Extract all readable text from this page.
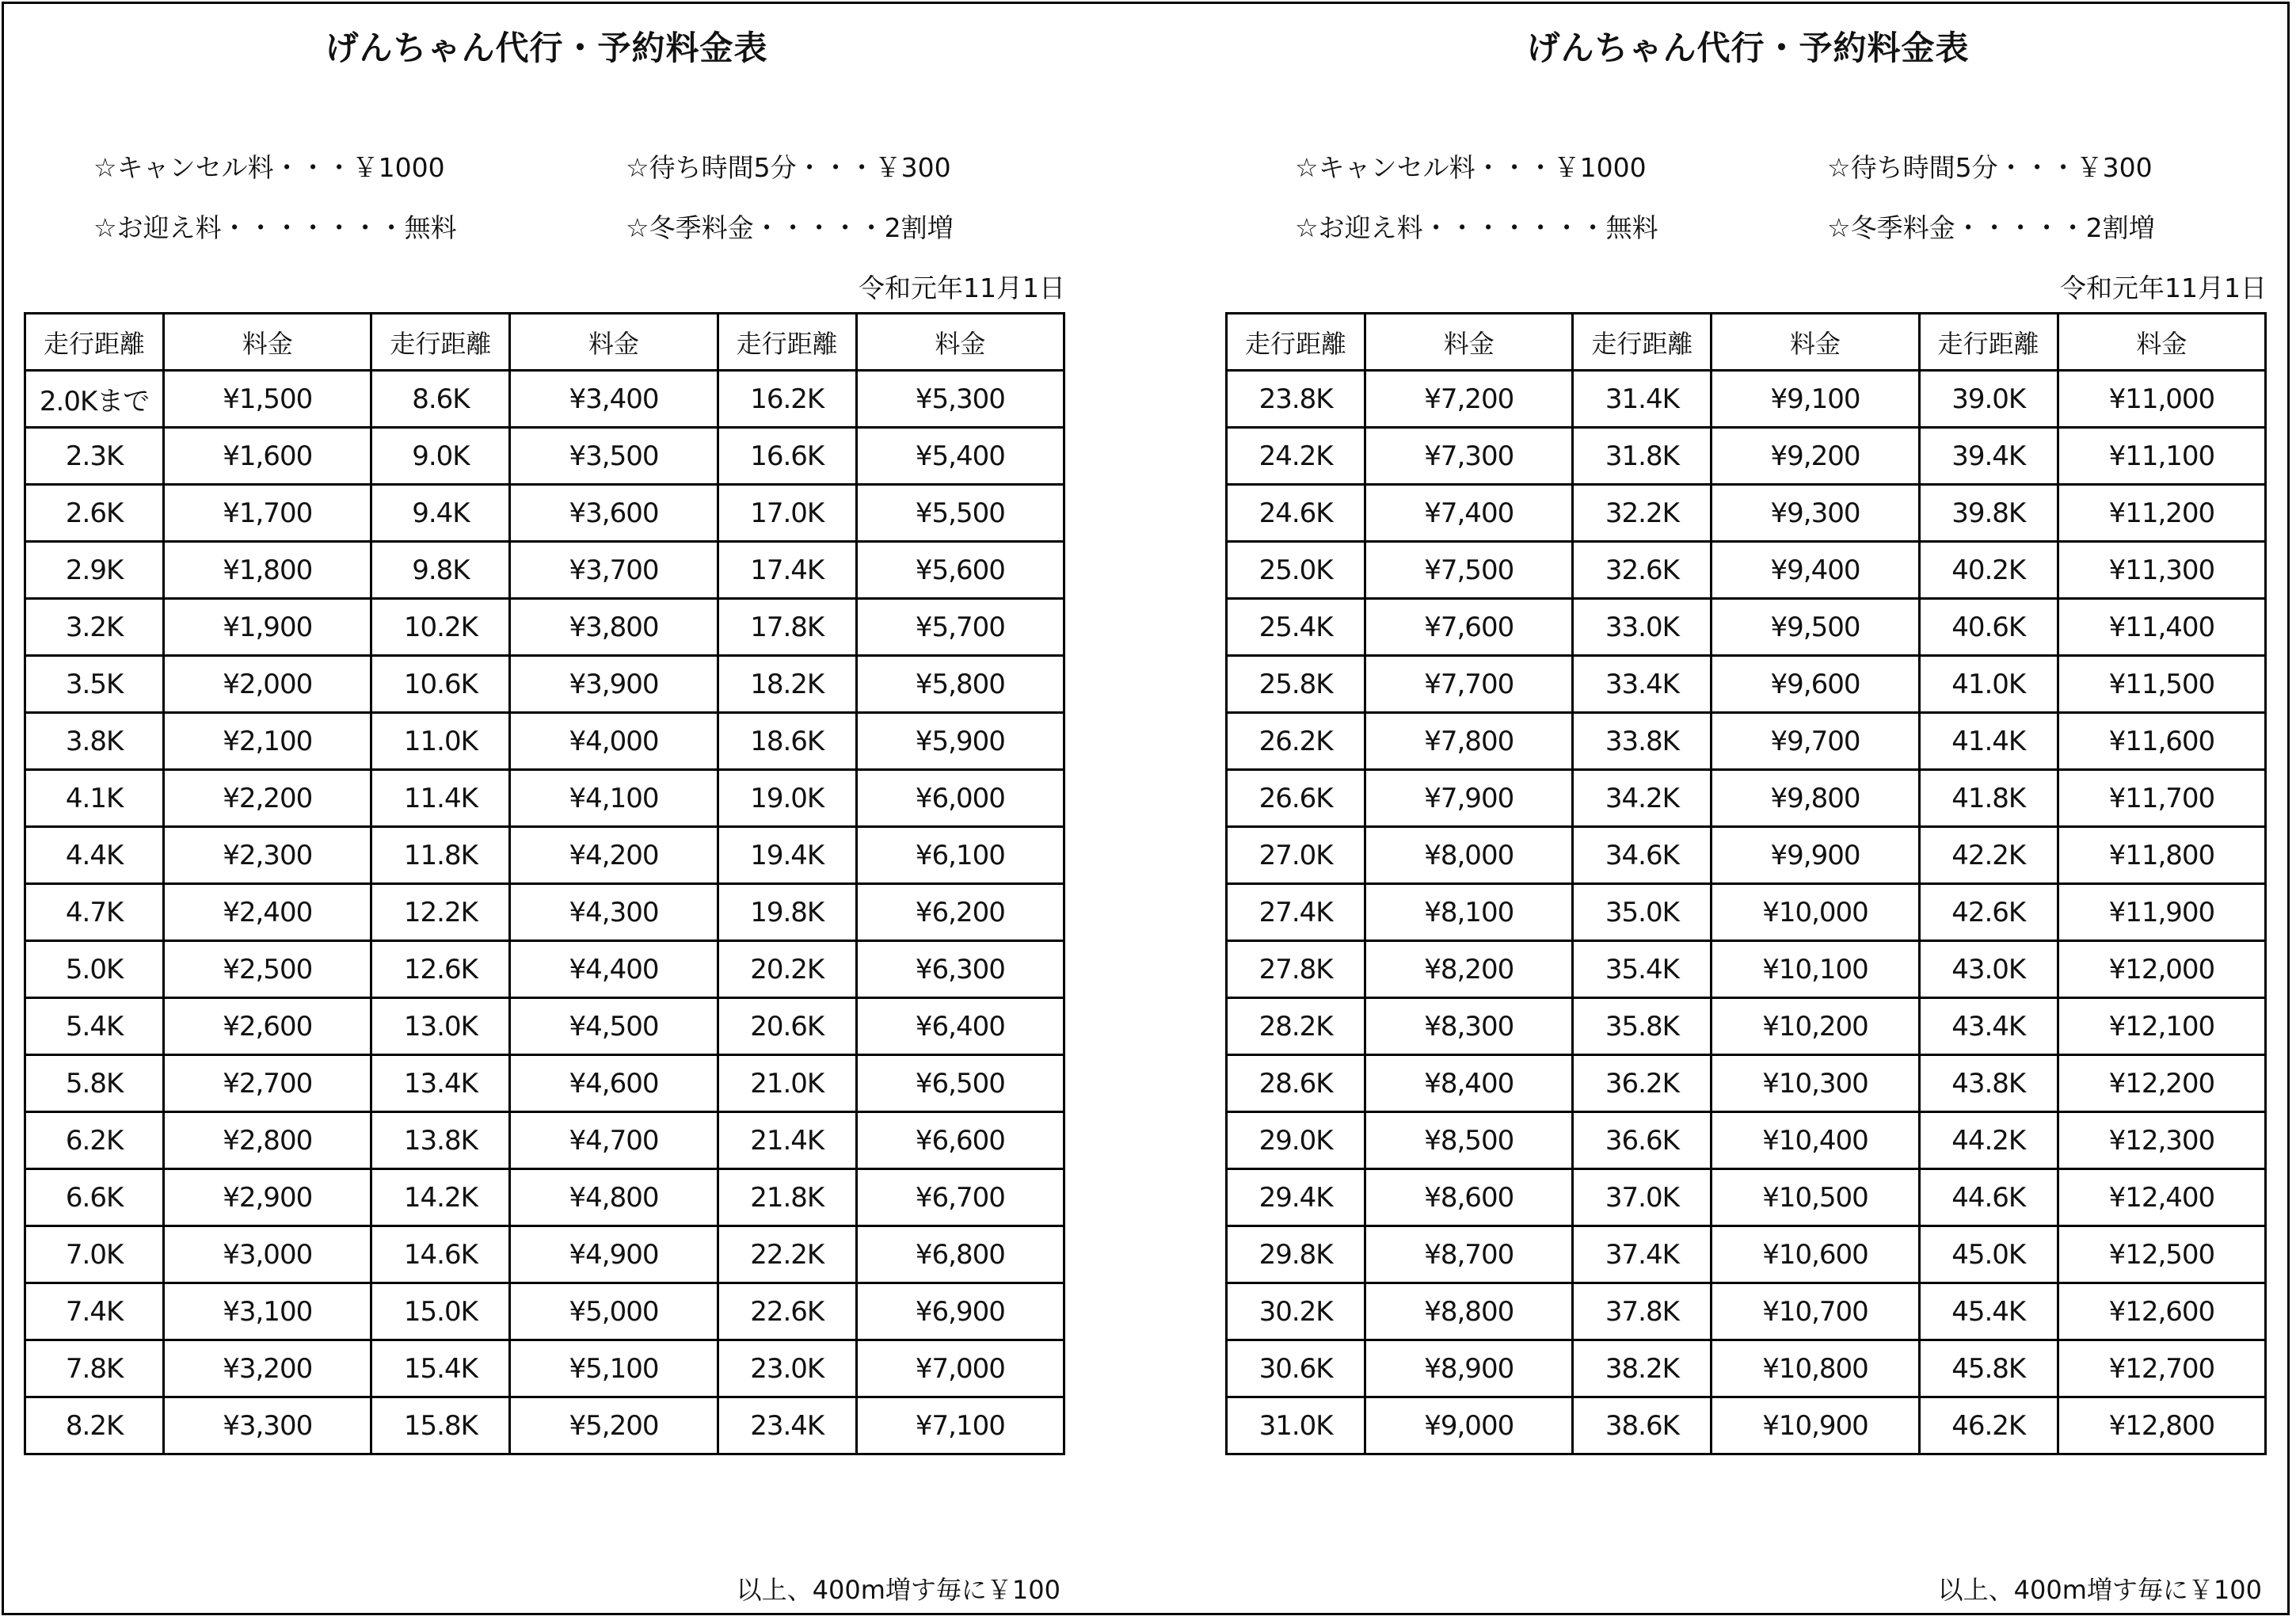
げんちゃん代行・予約料金表
☆キャンセル料・・・￥1000	☆待ち時間5分・・・￥300
☆お迎え料・・・・・・・無料	☆冬季料金・・・・・2割増
令和元年11月1日
走行距離	料金	走行距離	料金	走行距離	料金
2.0Kまで	¥1,500	8.6K	¥3,400	16.2K	¥5,300
2.3K	¥1,600	9.0K	¥3,500	16.6K	¥5,400
2.6K	¥1,700	9.4K	¥3,600	17.0K	¥5,500
2.9K	¥1,800	9.8K	¥3,700	17.4K	¥5,600
3.2K	¥1,900	10.2K	¥3,800	17.8K	¥5,700
3.5K	¥2,000	10.6K	¥3,900	18.2K	¥5,800
3.8K	¥2,100	11.0K	¥4,000	18.6K	¥5,900
4.1K	¥2,200	11.4K	¥4,100	19.0K	¥6,000
4.4K	¥2,300	11.8K	¥4,200	19.4K	¥6,100
4.7K	¥2,400	12.2K	¥4,300	19.8K	¥6,200
5.0K	¥2,500	12.6K	¥4,400	20.2K	¥6,300
5.4K	¥2,600	13.0K	¥4,500	20.6K	¥6,400
5.8K	¥2,700	13.4K	¥4,600	21.0K	¥6,500
6.2K	¥2,800	13.8K	¥4,700	21.4K	¥6,600
6.6K	¥2,900	14.2K	¥4,800	21.8K	¥6,700
7.0K	¥3,000	14.6K	¥4,900	22.2K	¥6,800
7.4K	¥3,100	15.0K	¥5,000	22.6K	¥6,900
7.8K	¥3,200	15.4K	¥5,100	23.0K	¥7,000
8.2K	¥3,300	15.8K	¥5,200	23.4K	¥7,100
以上、400m増す毎に￥100
げんちゃん代行・予約料金表
☆キャンセル料・・・￥1000	☆待ち時間5分・・・￥300
☆お迎え料・・・・・・・無料	☆冬季料金・・・・・2割増
令和元年11月1日
走行距離	料金	走行距離	料金	走行距離	料金
23.8K	¥7,200	31.4K	¥9,100	39.0K	¥11,000
24.2K	¥7,300	31.8K	¥9,200	39.4K	¥11,100
24.6K	¥7,400	32.2K	¥9,300	39.8K	¥11,200
25.0K	¥7,500	32.6K	¥9,400	40.2K	¥11,300
25.4K	¥7,600	33.0K	¥9,500	40.6K	¥11,400
25.8K	¥7,700	33.4K	¥9,600	41.0K	¥11,500
26.2K	¥7,800	33.8K	¥9,700	41.4K	¥11,600
26.6K	¥7,900	34.2K	¥9,800	41.8K	¥11,700
27.0K	¥8,000	34.6K	¥9,900	42.2K	¥11,800
27.4K	¥8,100	35.0K	¥10,000	42.6K	¥11,900
27.8K	¥8,200	35.4K	¥10,100	43.0K	¥12,000
28.2K	¥8,300	35.8K	¥10,200	43.4K	¥12,100
28.6K	¥8,400	36.2K	¥10,300	43.8K	¥12,200
29.0K	¥8,500	36.6K	¥10,400	44.2K	¥12,300
29.4K	¥8,600	37.0K	¥10,500	44.6K	¥12,400
29.8K	¥8,700	37.4K	¥10,600	45.0K	¥12,500
30.2K	¥8,800	37.8K	¥10,700	45.4K	¥12,600
30.6K	¥8,900	38.2K	¥10,800	45.8K	¥12,700
31.0K	¥9,000	38.6K	¥10,900	46.2K	¥12,800
以上、400m増す毎に￥100
